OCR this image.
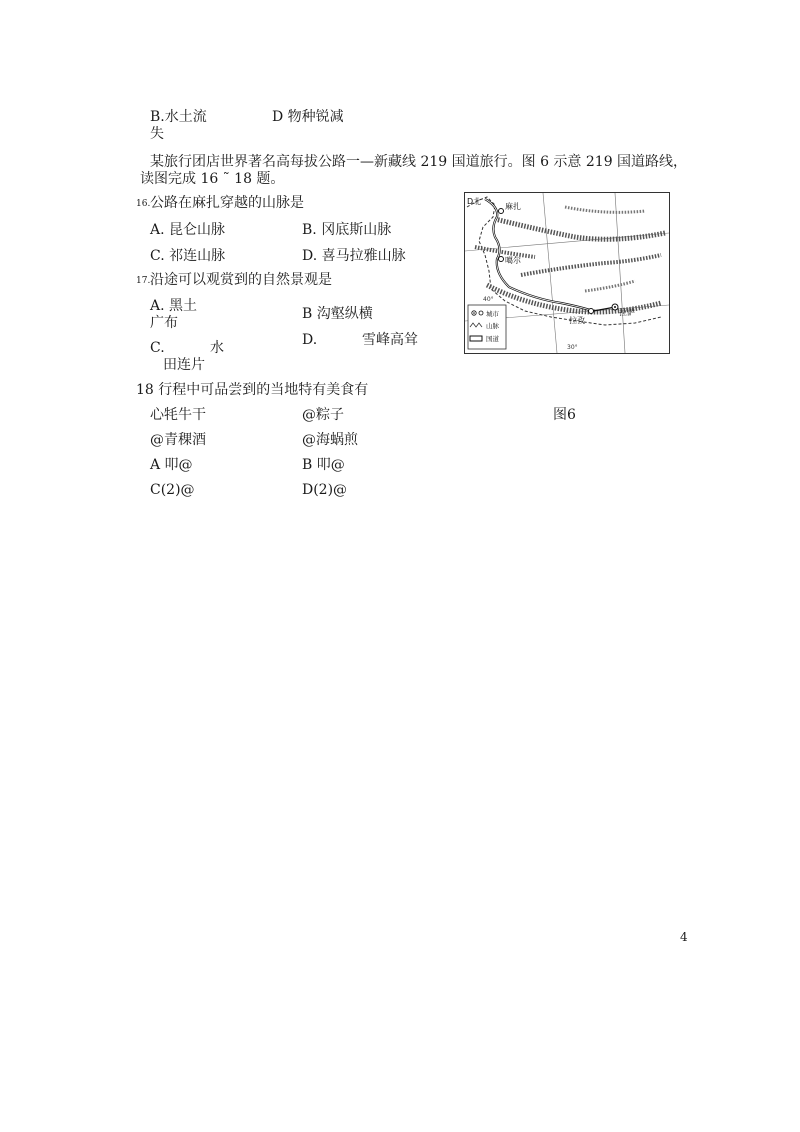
B.水土流
失
D 物种锐减
某旅行团店世界著名高每拔公路一—新藏线 219 国道旅行。图 6 示意 219 国道路线，
读图完成 16 ˜ 18 题。
16. 公路在麻扎穿越的山脉是
A. 昆仑山脉	B. 冈底斯山脉
C. 祁连山脉	D. 喜马拉雅山脉
17. 沿途可以观赏到的自然景观是
A. 黑土
广布
B 沟壑纵横
C.	水
田连片
D.	雪峰高耸
18 行程中可品尝到的当地特有美食有
心牦牛干	@粽子
@青稞酒	@海蜗煎
A 叩@	B 叩@
C(2)@	D(2)@
图6
D北
麻扎
噶尔
拉孜
拉萨
40°
30°
城市
山脉
国道
4
